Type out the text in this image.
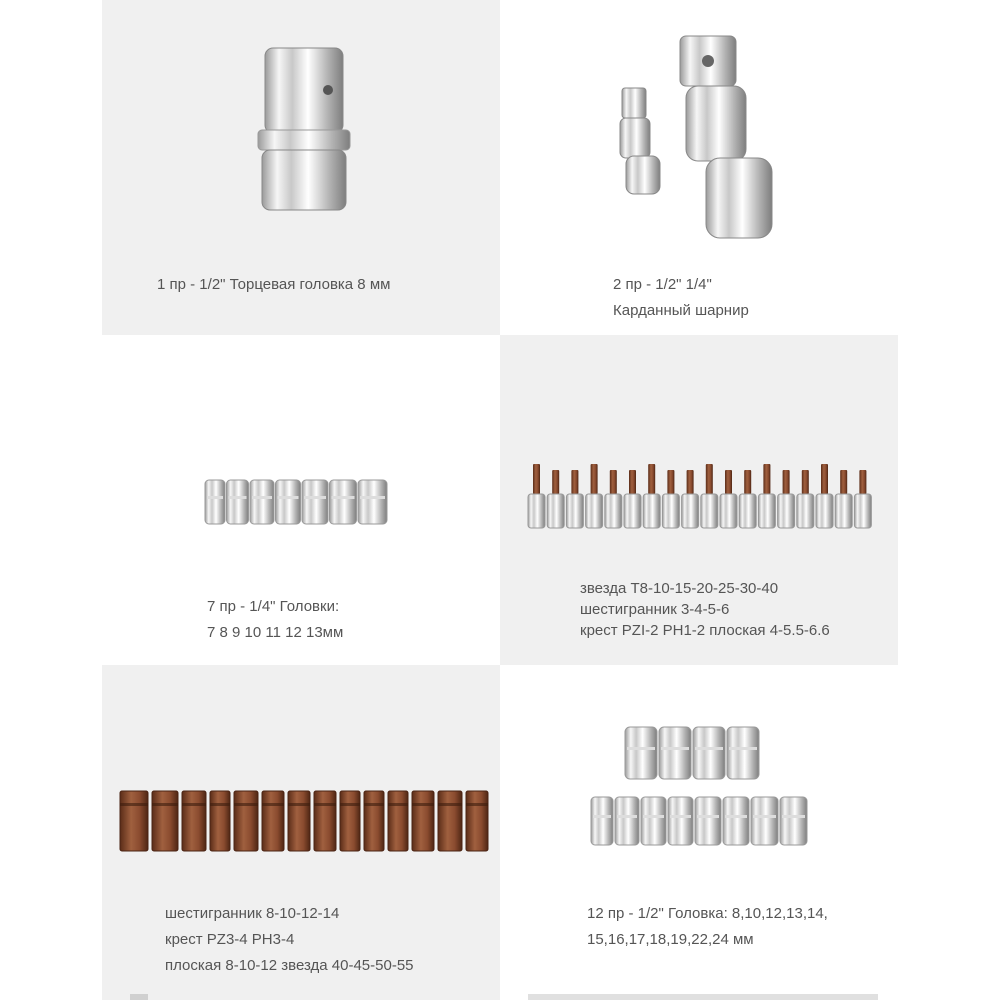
1 пр - 1/2" Торцевая головка 8 мм	2 пр - 1/2" 1/4"
Карданный шарнир
7 пр - 1/4" Головки:
7 8 9 10 11 12 13мм
звезда T8-10-15-20-25-30-40
шестигранник 3-4-5-6
крест PZI-2 PH1-2 плоская 4-5.5-6.6
шестигранник 8-10-12-14
крест PZ3-4 PH3-4
плоская 8-10-12 звезда 40-45-50-55
12 пр - 1/2" Головка: 8,10,12,13,14,
15,16,17,18,19,22,24 мм
